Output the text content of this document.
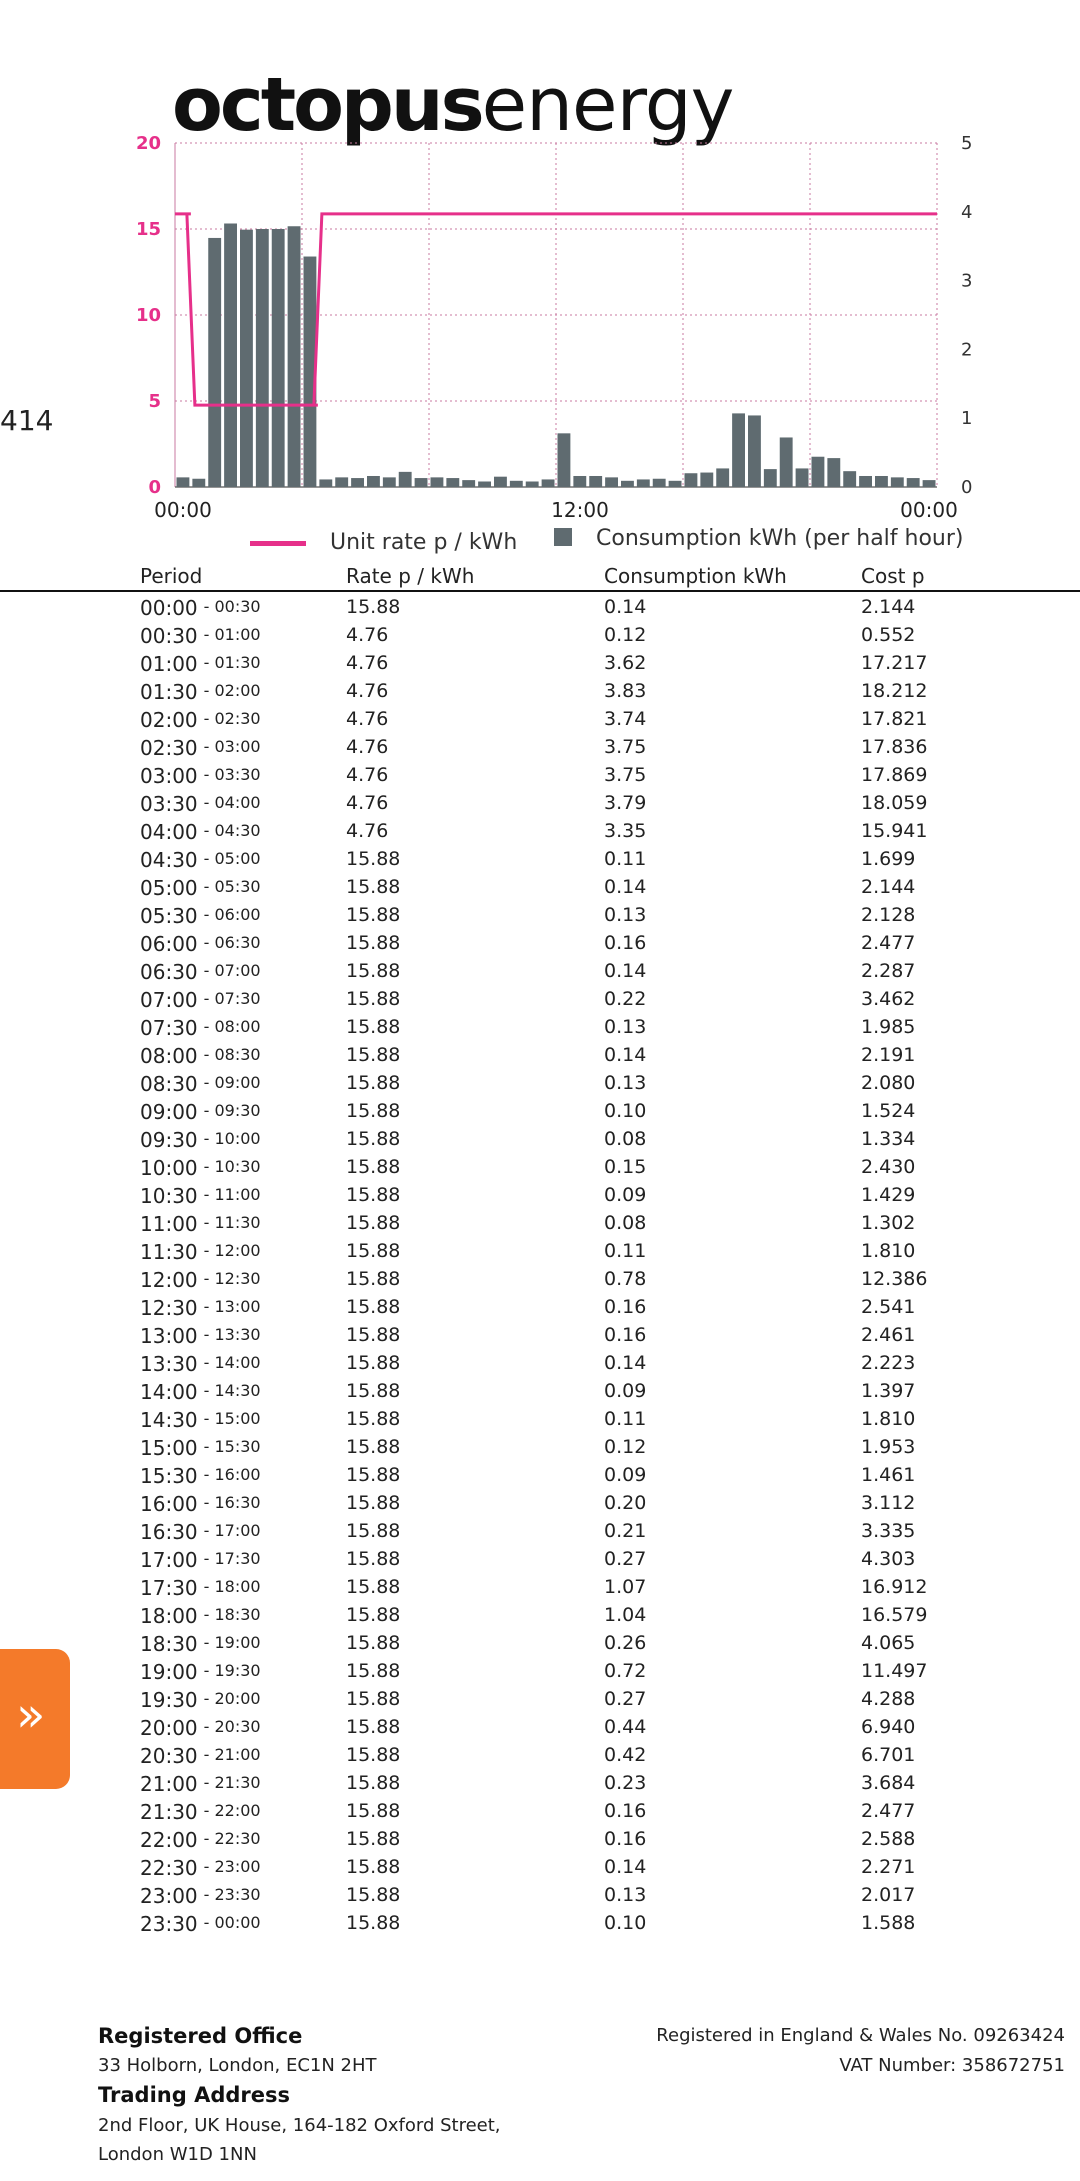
octopusenergy
414
0
5
10
15
20
0
1
2
3
4
5
00:00	12:00	00:00
Unit rate p / kWh	Consumption kWh (per half hour)
Period	Rate p / kWh	Consumption kWh	Cost p
00:00 - 00:30	15.88	0.14	2.144
00:30 - 01:00	4.76	0.12	0.552
01:00 - 01:30	4.76	3.62	17.217
01:30 - 02:00	4.76	3.83	18.212
02:00 - 02:30	4.76	3.74	17.821
02:30 - 03:00	4.76	3.75	17.836
03:00 - 03:30	4.76	3.75	17.869
03:30 - 04:00	4.76	3.79	18.059
04:00 - 04:30	4.76	3.35	15.941
04:30 - 05:00	15.88	0.11	1.699
05:00 - 05:30	15.88	0.14	2.144
05:30 - 06:00	15.88	0.13	2.128
06:00 - 06:30	15.88	0.16	2.477
06:30 - 07:00	15.88	0.14	2.287
07:00 - 07:30	15.88	0.22	3.462
07:30 - 08:00	15.88	0.13	1.985
08:00 - 08:30	15.88	0.14	2.191
08:30 - 09:00	15.88	0.13	2.080
09:00 - 09:30	15.88	0.10	1.524
09:30 - 10:00	15.88	0.08	1.334
10:00 - 10:30	15.88	0.15	2.430
10:30 - 11:00	15.88	0.09	1.429
11:00 - 11:30	15.88	0.08	1.302
11:30 - 12:00	15.88	0.11	1.810
12:00 - 12:30	15.88	0.78	12.386
12:30 - 13:00	15.88	0.16	2.541
13:00 - 13:30	15.88	0.16	2.461
13:30 - 14:00	15.88	0.14	2.223
14:00 - 14:30	15.88	0.09	1.397
14:30 - 15:00	15.88	0.11	1.810
15:00 - 15:30	15.88	0.12	1.953
15:30 - 16:00	15.88	0.09	1.461
16:00 - 16:30	15.88	0.20	3.112
16:30 - 17:00	15.88	0.21	3.335
17:00 - 17:30	15.88	0.27	4.303
17:30 - 18:00	15.88	1.07	16.912
18:00 - 18:30	15.88	1.04	16.579
18:30 - 19:00	15.88	0.26	4.065
19:00 - 19:30	15.88	0.72	11.497
19:30 - 20:00	15.88	0.27	4.288
20:00 - 20:30	15.88	0.44	6.940
20:30 - 21:00	15.88	0.42	6.701
21:00 - 21:30	15.88	0.23	3.684
21:30 - 22:00	15.88	0.16	2.477
22:00 - 22:30	15.88	0.16	2.588
22:30 - 23:00	15.88	0.14	2.271
23:00 - 23:30	15.88	0.13	2.017
23:30 - 00:00	15.88	0.10	1.588
»
Registered Office
33 Holborn, London, EC1N 2HT
Trading Address
2nd Floor, UK House, 164-182 Oxford Street,
London W1D 1NN
Registered in England & Wales No. 09263424
VAT Number: 358672751
